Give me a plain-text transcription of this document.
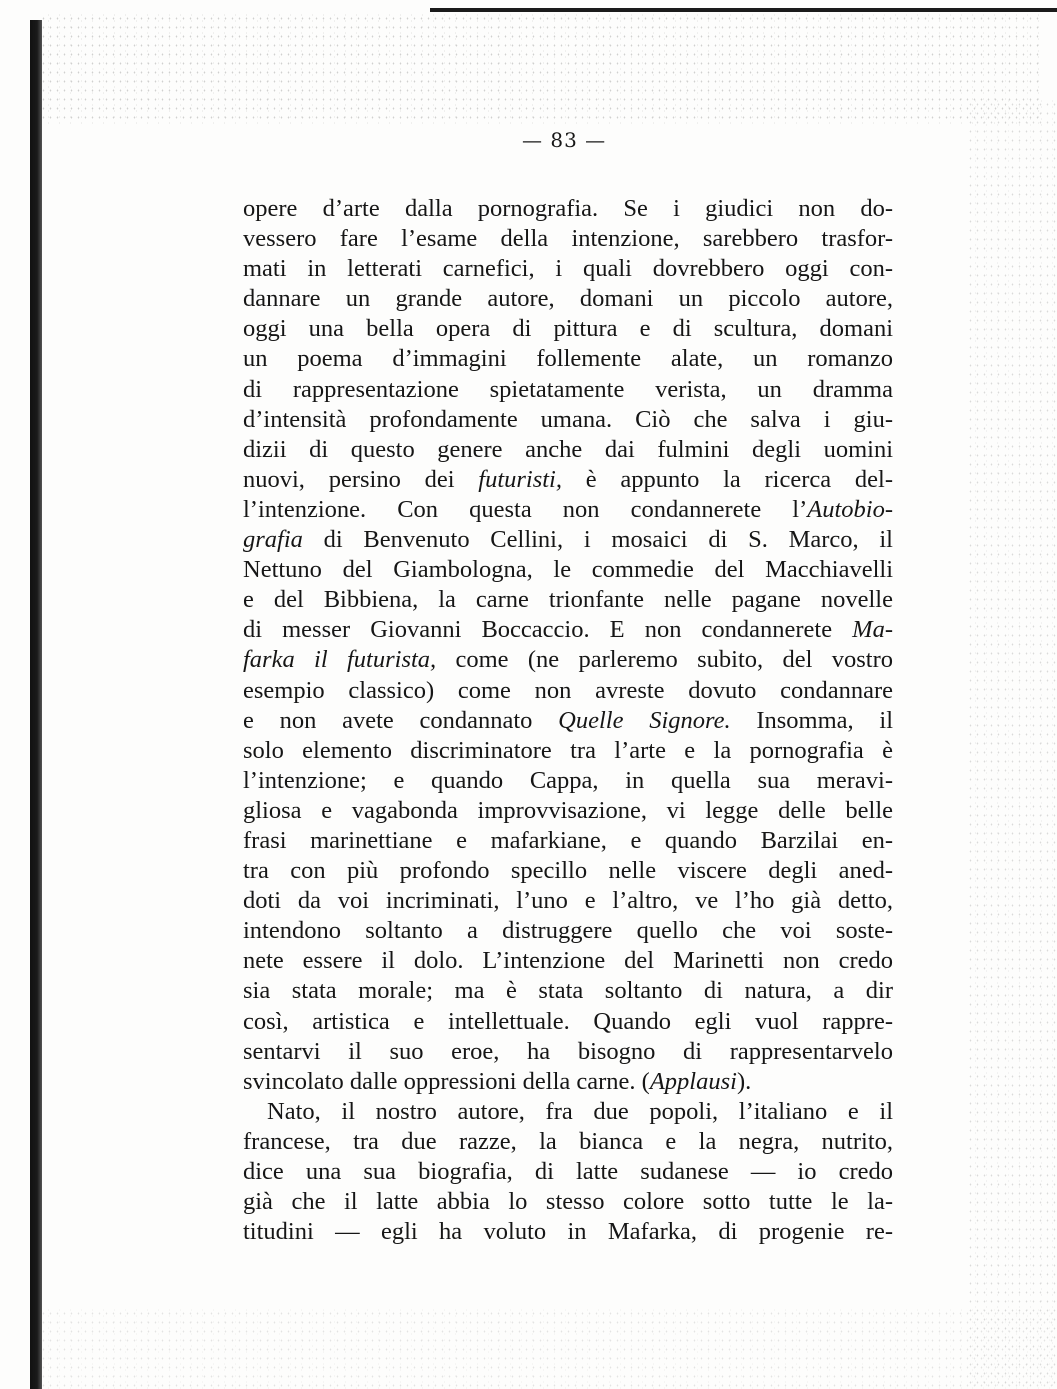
— 83 —
opere d’arte dalla pornografia. Se i giudici non do-
vessero fare l’esame della intenzione, sarebbero trasfor-
mati in letterati carnefici, i quali dovrebbero oggi con-
dannare un grande autore, domani un piccolo autore,
oggi una bella opera di pittura e di scultura, domani
un poema d’immagini follemente alate, un romanzo
di rappresentazione spietatamente verista, un dramma
d’intensità profondamente umana. Ciò che salva i giu-
dizii di questo genere anche dai fulmini degli uomini
nuovi, persino dei futuristi, è appunto la ricerca del-
l’intenzione. Con questa non condannerete l’Autobio-
grafia di Benvenuto Cellini, i mosaici di S. Marco, il
Nettuno del Giambologna, le commedie del Macchiavelli
e del Bibbiena, la carne trionfante nelle pagane novelle
di messer Giovanni Boccaccio. E non condannerete Ma-
farka il futurista, come (ne parleremo subito, del vostro
esempio classico) come non avreste dovuto condannare
e non avete condannato Quelle Signore. Insomma, il
solo elemento discriminatore tra l’arte e la pornografia è
l’intenzione; e quando Cappa, in quella sua meravi-
gliosa e vagabonda improvvisazione, vi legge delle belle
frasi marinettiane e mafarkiane, e quando Barzilai en-
tra con più profondo specillo nelle viscere degli aned-
doti da voi incriminati, l’uno e l’altro, ve l’ho già detto,
intendono soltanto a distruggere quello che voi soste-
nete essere il dolo. L’intenzione del Marinetti non credo
sia stata morale; ma è stata soltanto di natura, a dir
così, artistica e intellettuale. Quando egli vuol rappre-
sentarvi il suo eroe, ha bisogno di rappresentarvelo
svincolato dalle oppressioni della carne. (Applausi).
Nato, il nostro autore, fra due popoli, l’italiano e il
francese, tra due razze, la bianca e la negra, nutrito,
dice una sua biografia, di latte sudanese — io credo
già che il latte abbia lo stesso colore sotto tutte le la-
titudini — egli ha voluto in Mafarka, di progenie re-
